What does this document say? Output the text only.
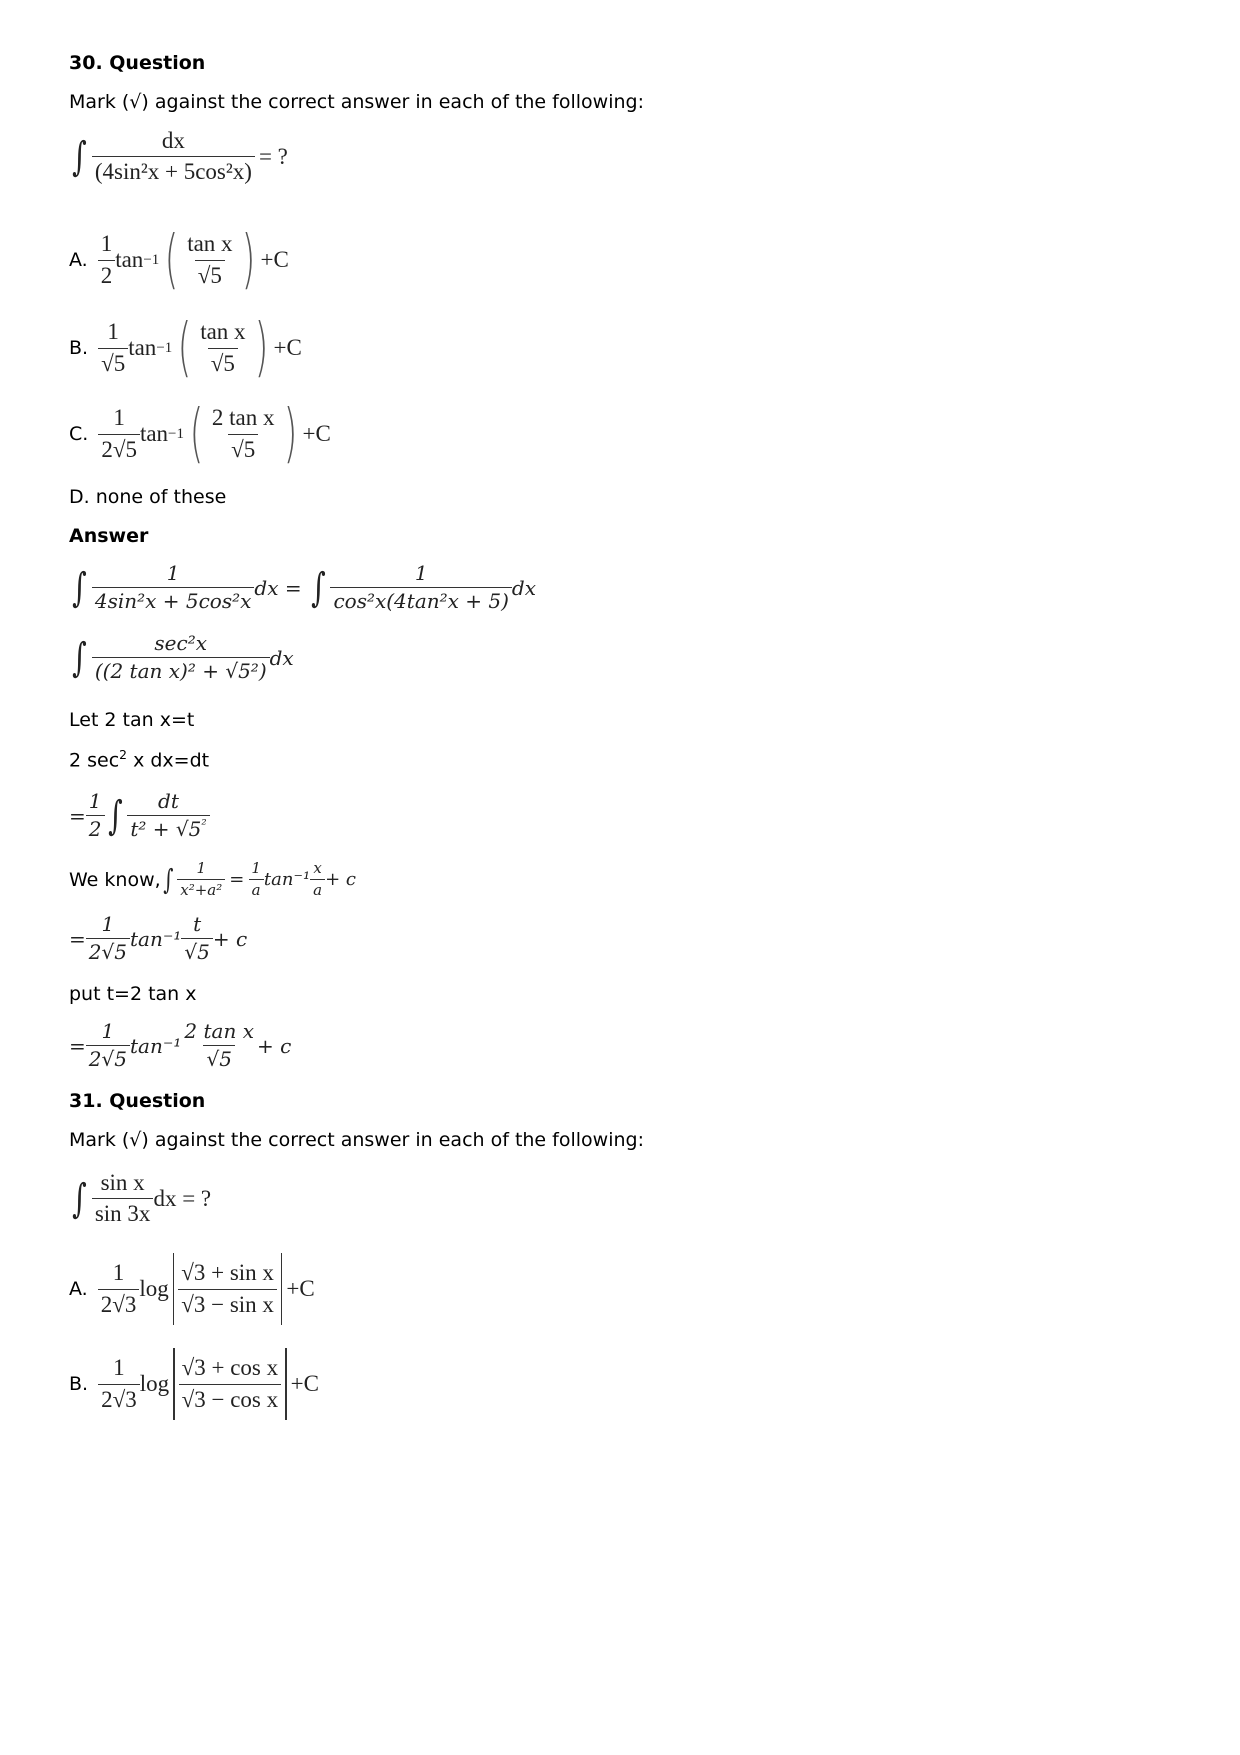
30. Question
Mark (√) against the correct answer in each of the following:
∫ $\frac{dx}{\text{(4sin²x + 5cos²x)}}$ = ?
A. $\frac{1}{2}$ tan −1 ( $\frac{\text{tan x}}{√5}$ ) +C
B. $\frac{1}{√5}$ tan −1 ( $\frac{\text{tan x}}{√5}$ ) +C
C. $\frac{1}{2√5}$ tan −1 ( $\frac{\text{2 tan x}}{√5}$ ) +C
D. none of these
Answer
∫ $\frac{1}{\text{4sin²x + 5cos²x}}$ dx = ∫ $\frac{1}{\text{cos²x(4tan²x + 5)}}$ dx
∫ $\frac{\text{sec²x}}{\text{((2 tan x)² + √5²)}}$ dx
Let 2 tan x=t
2 $\sec^2 x$ dx=dt
= $\frac{1}{2}$ ∫ $\frac{dt}{t^2 + √5^{^2}}$
We know, ∫ $\frac{1}{\text{x²+a²}} = \frac{1}{a} \tan^{-1} \frac{x}{a} + c$
= $\frac{1}{2√5} \tan^{-1} \frac{t}{√5} + c$
put t=2 tan x
= $\frac{1}{2√5} \tan^{-1} \frac{\text{2 tan x}}{√5} + c$
31. Question
Mark (√) against the correct answer in each of the following:
∫ $\frac{\text{sin x}}{\sin 3x}$ dx = ?
A. $\frac{1}{2√3}$ $\log \frac{\text{√3 + sin x}}{\text{√3 − sin x}} +C$
B. $\frac{1}{2√3}$ $\log \frac{\text{√3 + cos x}}{\text{√3 − cos x}} +C$
